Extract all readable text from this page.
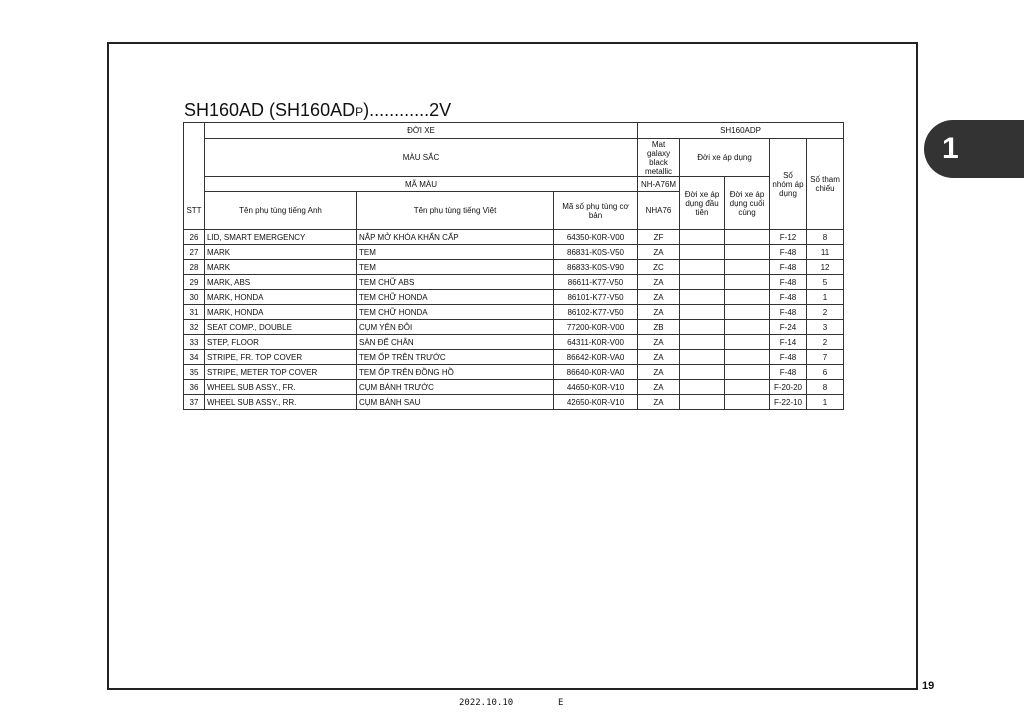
1
SH160AD (SH160ADP)............2V
STT	ĐỜI XE			SH160ADP				
	MÀU SẮC			Mat galaxy black metallic	Đời xe áp dụng		Số nhóm áp dụng	Số tham chiếu
	MÃ MÀU			NH-A76M	Đời xe áp dụng đầu tiên	Đời xe áp dụng cuối cùng		
	Tên phụ tùng tiếng Anh	Tên phụ tùng tiếng Việt	Mã số phụ tùng cơ bản	NHA76				
26	LID, SMART EMERGENCY	NẮP MỞ KHÓA KHẨN CẤP	64350-K0R-V00	ZF			F-12	8
27	MARK	TEM	86831-K0S-V50	ZA			F-48	11
28	MARK	TEM	86833-K0S-V90	ZC			F-48	12
29	MARK, ABS	TEM CHỮ ABS	86611-K77-V50	ZA			F-48	5
30	MARK, HONDA	TEM CHỮ HONDA	86101-K77-V50	ZA			F-48	1
31	MARK, HONDA	TEM CHỮ HONDA	86102-K77-V50	ZA			F-48	2
32	SEAT COMP., DOUBLE	CỤM YÊN ĐÔI	77200-K0R-V00	ZB			F-24	3
33	STEP, FLOOR	SÀN ĐỂ CHÂN	64311-K0R-V00	ZA			F-14	2
34	STRIPE, FR. TOP COVER	TEM ỐP TRÊN TRƯỚC	86642-K0R-VA0	ZA			F-48	7
35	STRIPE, METER TOP COVER	TEM ỐP TRÊN ĐỒNG HỒ	86640-K0R-VA0	ZA			F-48	6
36	WHEEL SUB ASSY., FR.	CỤM BÁNH TRƯỚC	44650-K0R-V10	ZA			F-20-20	8
37	WHEEL SUB ASSY., RR.	CỤM BÁNH SAU	42650-K0R-V10	ZA			F-22-10	1
19
2022.10.10	E
